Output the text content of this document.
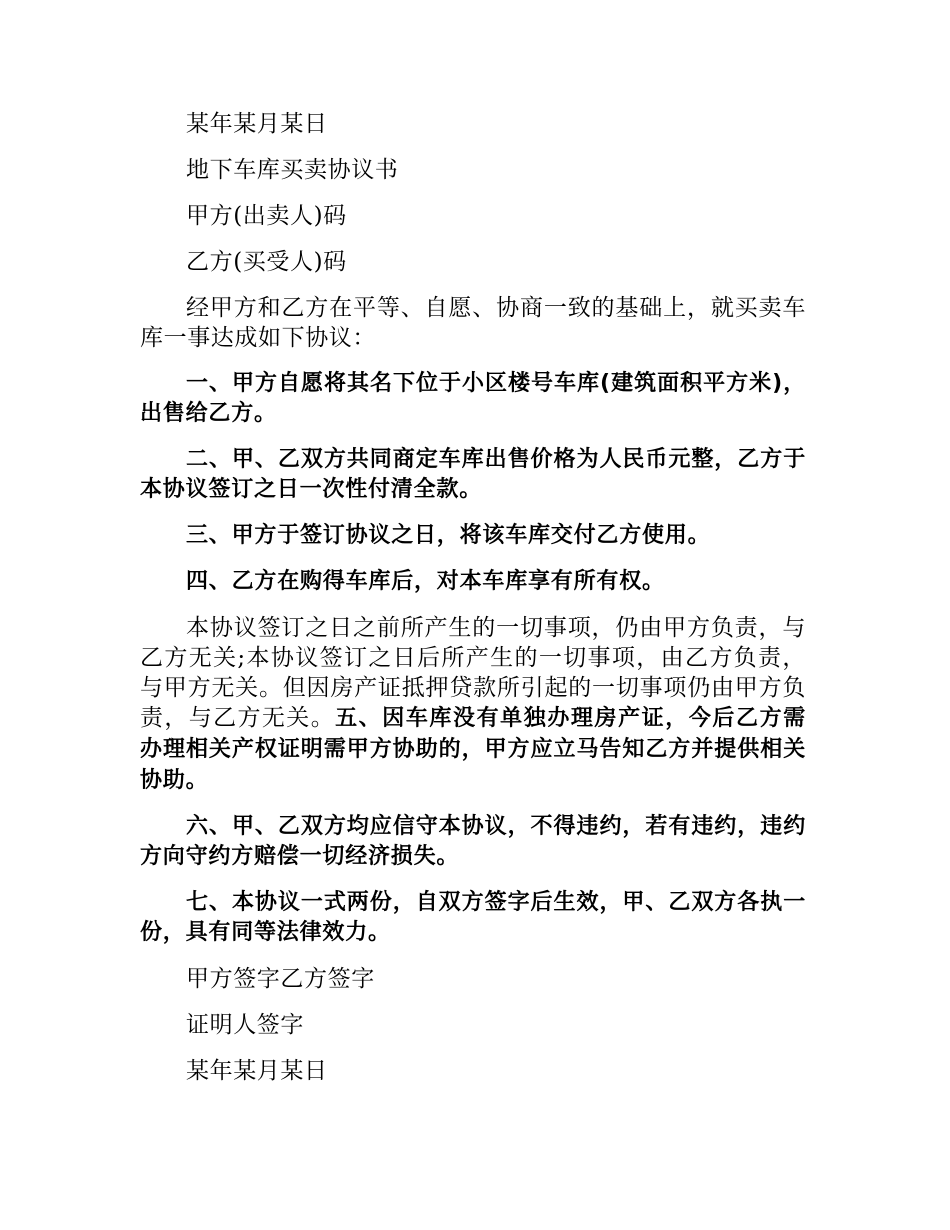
某年某月某日

地下车库买卖协议书

甲方(出卖人)码

乙方(买受人)码

经甲方和乙方在平等、自愿、协商一致的基础上，就买卖车库一事达成如下协议：

一、甲方自愿将其名下位于小区楼号车库(建筑面积平方米)，出售给乙方。

二、甲、乙双方共同商定车库出售价格为人民币元整，乙方于本协议签订之日一次性付清全款。

三、甲方于签订协议之日，将该车库交付乙方使用。

四、乙方在购得车库后，对本车库享有所有权。

本协议签订之日之前所产生的一切事项，仍由甲方负责，与乙方无关;本协议签订之日后所产生的一切事项，由乙方负责，与甲方无关。但因房产证抵押贷款所引起的一切事项仍由甲方负责，与乙方无关。五、因车库没有单独办理房产证，今后乙方需办理相关产权证明需甲方协助的，甲方应立马告知乙方并提供相关协助。

六、甲、乙双方均应信守本协议，不得违约，若有违约，违约方向守约方赔偿一切经济损失。

七、本协议一式两份，自双方签字后生效，甲、乙双方各执一份，具有同等法律效力。

甲方签字乙方签字

证明人签字

某年某月某日
